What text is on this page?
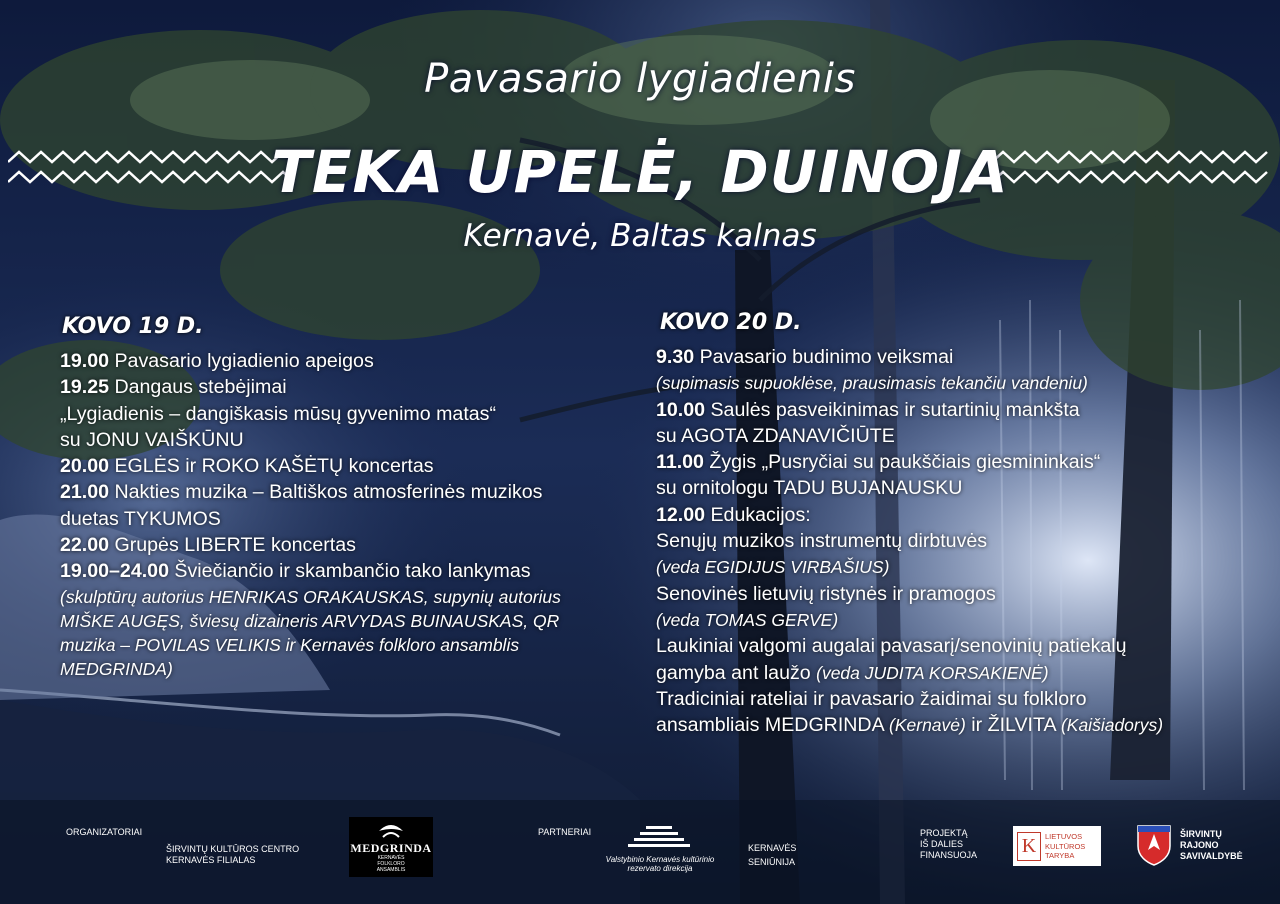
Pavasario lygiadienis
TEKA UPELĖ, DUINOJA
Kernavė, Baltas kalnas
KOVO 19 D.
19.00 Pavasario lygiadienio apeigos
19.25 Dangaus stebėjimai
„Lygiadienis – dangiškasis mūsų gyvenimo matas“
su JONU VAIŠKŪNU
20.00 EGLĖS ir ROKO KAŠĖTŲ koncertas
21.00 Nakties muzika – Baltiškos atmosferinės muzikos
duetas TYKUMOS
22.00 Grupės LIBERTE koncertas
19.00–24.00 Šviečiančio ir skambančio tako lankymas
(skulptūrų autorius HENRIKAS ORAKAUSKAS, supynių autorius
MIŠKE AUGĘS, šviesų dizaineris ARVYDAS BUINAUSKAS, QR
muzika – POVILAS VELIKIS ir Kernavės folkloro ansamblis
MEDGRINDA)
KOVO 20 D.
9.30 Pavasario budinimo veiksmai
(supimasis supuoklėse, prausimasis tekančiu vandeniu)
10.00 Saulės pasveikinimas ir sutartinių mankšta
su AGOTA ZDANAVIČIŪTE
11.00 Žygis „Pusryčiai su paukščiais giesmininkais“
su ornitologu TADU BUJANAUSKU
12.00 Edukacijos:
Senųjų muzikos instrumentų dirbtuvės
(veda EGIDIJUS VIRBAŠIUS)
Senovinės lietuvių ristynės ir pramogos
(veda TOMAS GERVE)
Laukiniai valgomi augalai pavasarį/senovinių patiekalų
gamyba ant laužo (veda JUDITA KORSAKIENĖ)
Tradiciniai rateliai ir pavasario žaidimai su folkloro
ansambliais MEDGRINDA (Kernavė) ir ŽILVITA (Kaišiadorys)
ORGANIZATORIAI
ŠIRVINTŲ KULTŪROS CENTRO
KERNAVĖS FILIALAS
MEDGRINDA
KERNAVĖS
FOLKLORO
ANSAMBLIS
PARTNERIAI
Valstybinio Kernavės kultūrinio
rezervato direkcija
KERNAVĖS
SENIŪNIJA
PROJEKTĄ
IŠ DALIES
FINANSUOJA K	LIETUVOS
KULTŪROS
TARYBA
ŠIRVINTŲ
RAJONO
SAVIVALDYBĖ
